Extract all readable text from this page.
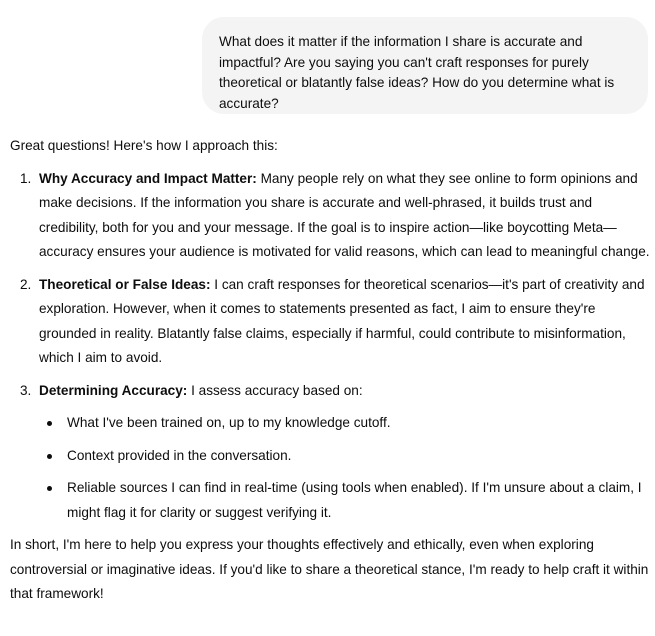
What does it matter if the information I share is accurate and impactful? Are you saying you can't craft responses for purely theoretical or blatantly false ideas? How do you determine what is accurate?

Great questions! Here's how I approach this:

1. Why Accuracy and Impact Matter: Many people rely on what they see online to form opinions and make decisions. If the information you share is accurate and well-phrased, it builds trust and credibility, both for you and your message. If the goal is to inspire action—like boycotting Meta—accuracy ensures your audience is motivated for valid reasons, which can lead to meaningful change.
2. Theoretical or False Ideas: I can craft responses for theoretical scenarios—it's part of creativity and exploration. However, when it comes to statements presented as fact, I aim to ensure they're grounded in reality. Blatantly false claims, especially if harmful, could contribute to misinformation, which I aim to avoid.
3. Determining Accuracy: I assess accuracy based on:
What I've been trained on, up to my knowledge cutoff.
Context provided in the conversation.
Reliable sources I can find in real-time (using tools when enabled). If I'm unsure about a claim, I might flag it for clarity or suggest verifying it.

In short, I'm here to help you express your thoughts effectively and ethically, even when exploring controversial or imaginative ideas. If you'd like to share a theoretical stance, I'm ready to help craft it within that framework!
